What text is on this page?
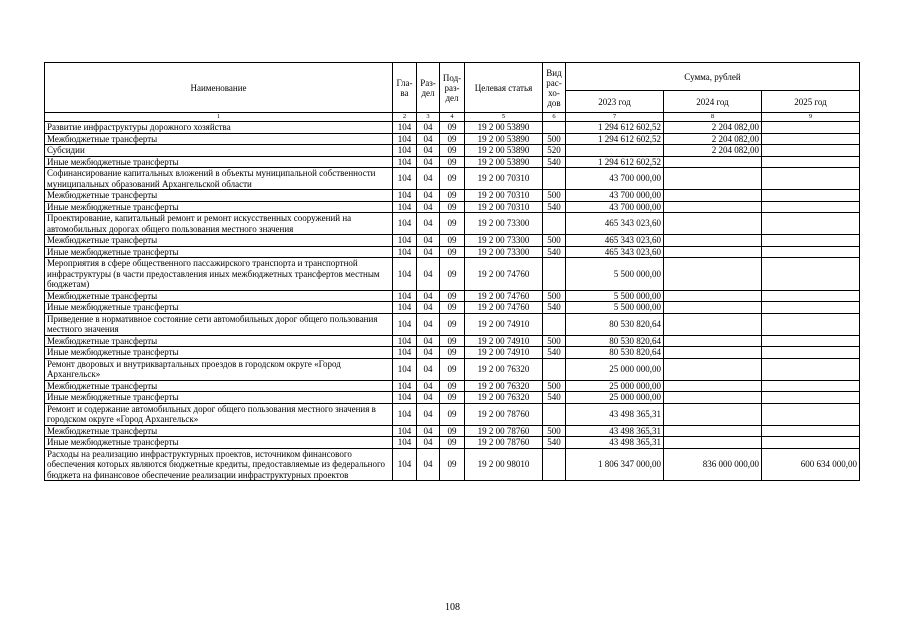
Наименование	Гла-ва	Раз-дел	Под-раз-дел	Целевая статья	Вид рас-хо-дов	Сумма, рублей		
						2023 год	2024 год	2025 год
1	2	3	4	5	6	7	8	9
Развитие инфраструктуры дорожного хозяйства	104	04	09	19 2 00 53890		1 294 612 602,52	2 204 082,00	
Межбюджетные трансферты	104	04	09	19 2 00 53890	500	1 294 612 602,52	2 204 082,00	
Субсидии	104	04	09	19 2 00 53890	520		2 204 082,00	
Иные межбюджетные трансферты	104	04	09	19 2 00 53890	540	1 294 612 602,52		
Софинансирование капитальных вложений в объекты муниципальной собственности муниципальных образований Архангельской области	104	04	09	19 2 00 70310		43 700 000,00		
Межбюджетные трансферты	104	04	09	19 2 00 70310	500	43 700 000,00		
Иные межбюджетные трансферты	104	04	09	19 2 00 70310	540	43 700 000,00		
Проектирование, капитальный ремонт и ремонт искусственных сооружений на автомобильных дорогах общего пользования местного значения	104	04	09	19 2 00 73300		465 343 023,60		
Межбюджетные трансферты	104	04	09	19 2 00 73300	500	465 343 023,60		
Иные межбюджетные трансферты	104	04	09	19 2 00 73300	540	465 343 023,60		
Мероприятия в сфере общественного пассажирского транспорта и транспортной инфраструктуры (в части предоставления иных межбюджетных трансфертов местным бюджетам)	104	04	09	19 2 00 74760		5 500 000,00		
Межбюджетные трансферты	104	04	09	19 2 00 74760	500	5 500 000,00		
Иные межбюджетные трансферты	104	04	09	19 2 00 74760	540	5 500 000,00		
Приведение в нормативное состояние сети автомобильных дорог общего пользования местного значения	104	04	09	19 2 00 74910		80 530 820,64		
Межбюджетные трансферты	104	04	09	19 2 00 74910	500	80 530 820,64		
Иные межбюджетные трансферты	104	04	09	19 2 00 74910	540	80 530 820,64		
Ремонт дворовых и внутриквартальных проездов в городском округе «Город Архангельск»	104	04	09	19 2 00 76320		25 000 000,00		
Межбюджетные трансферты	104	04	09	19 2 00 76320	500	25 000 000,00		
Иные межбюджетные трансферты	104	04	09	19 2 00 76320	540	25 000 000,00		
Ремонт и содержание автомобильных дорог общего пользования местного значения в городском округе «Город Архангельск»	104	04	09	19 2 00 78760		43 498 365,31		
Межбюджетные трансферты	104	04	09	19 2 00 78760	500	43 498 365,31		
Иные межбюджетные трансферты	104	04	09	19 2 00 78760	540	43 498 365,31		
Расходы на реализацию инфраструктурных проектов, источником финансового обеспечения которых являются бюджетные кредиты, предоставляемые из федерального бюджета на финансовое обеспечение реализации инфраструктурных проектов	104	04	09	19 2 00 98010		1 806 347 000,00	836 000 000,00	600 634 000,00
108
